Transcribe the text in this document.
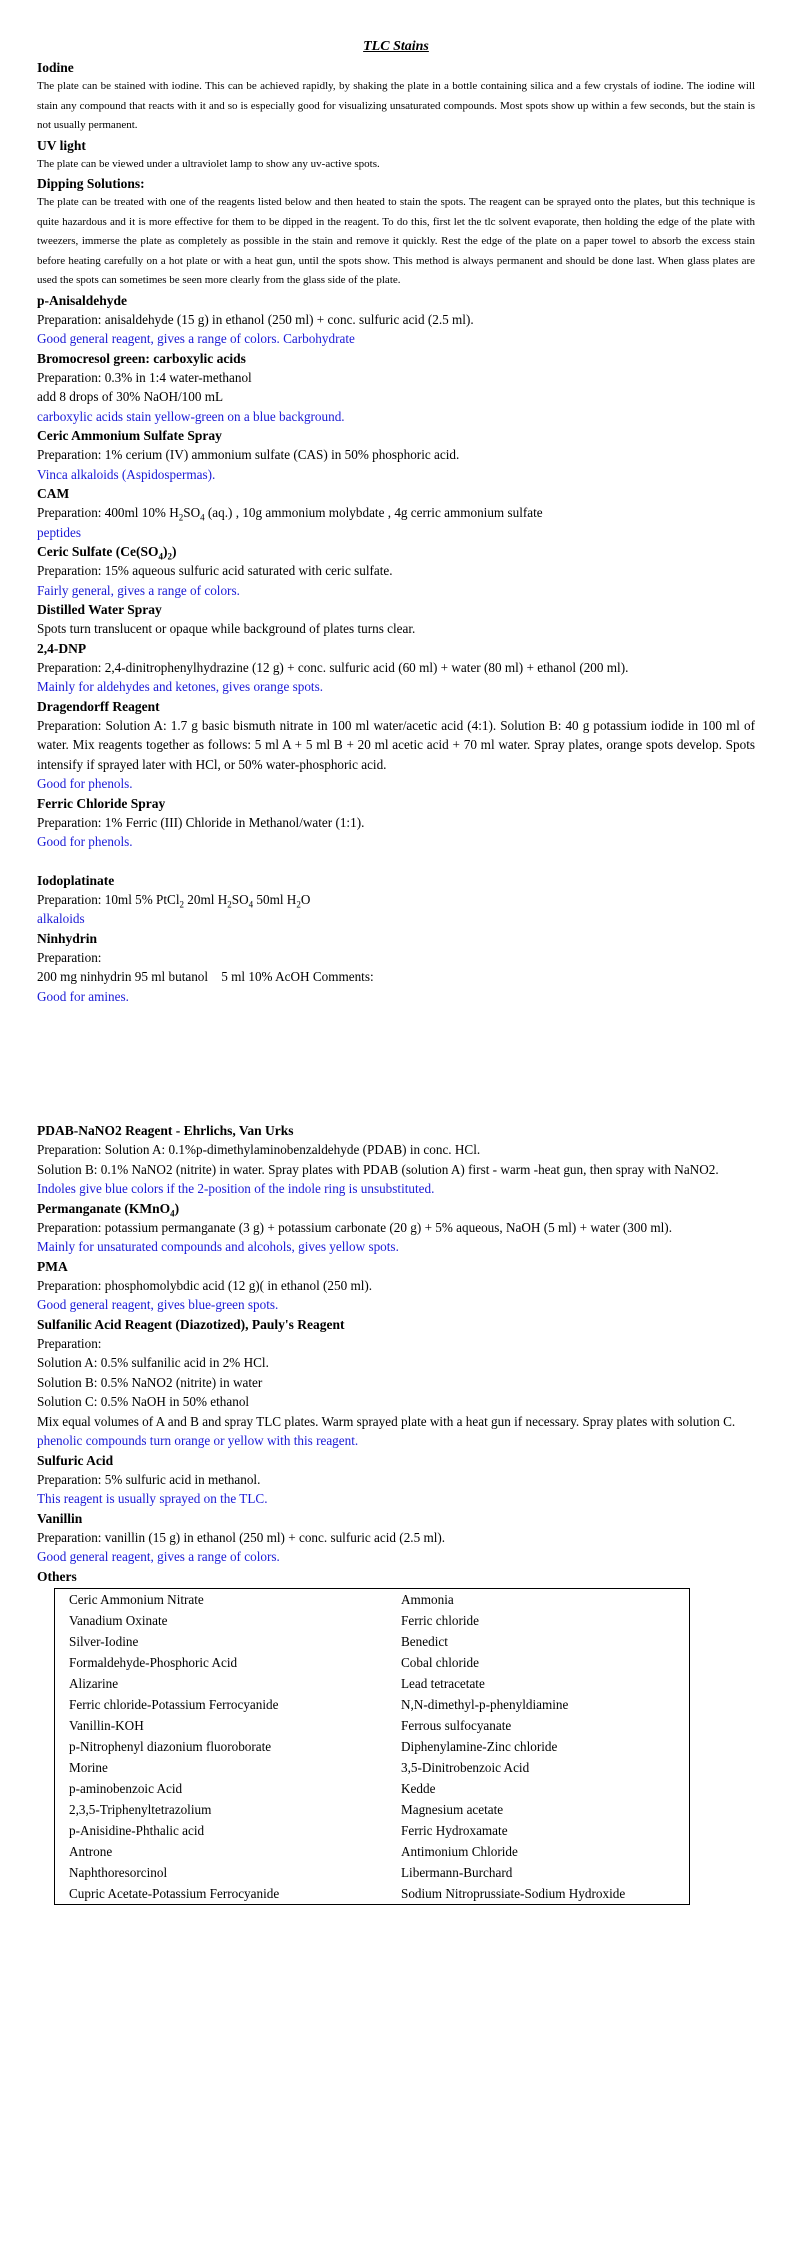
TLC Stains
Iodine
The plate can be stained with iodine. This can be achieved rapidly, by shaking the plate in a bottle containing silica and a few crystals of iodine. The iodine will stain any compound that reacts with it and so is especially good for visualizing unsaturated compounds. Most spots show up within a few seconds, but the stain is not usually permanent.
UV light
The plate can be viewed under a ultraviolet lamp to show any uv-active spots.
Dipping Solutions:
The plate can be treated with one of the reagents listed below and then heated to stain the spots. The reagent can be sprayed onto the plates, but this technique is quite hazardous and it is more effective for them to be dipped in the reagent. To do this, first let the tlc solvent evaporate, then holding the edge of the plate with tweezers, immerse the plate as completely as possible in the stain and remove it quickly. Rest the edge of the plate on a paper towel to absorb the excess stain before heating carefully on a hot plate or with a heat gun, until the spots show. This method is always permanent and should be done last. When glass plates are used the spots can sometimes be seen more clearly from the glass side of the plate.
p-Anisaldehyde
Preparation: anisaldehyde (15 g) in ethanol (250 ml) + conc. sulfuric acid (2.5 ml).
Good general reagent, gives a range of colors. Carbohydrate
Bromocresol green: carboxylic acids
Preparation: 0.3% in 1:4 water-methanol
add 8 drops of 30% NaOH/100 mL
carboxylic acids stain yellow-green on a blue background.
Ceric Ammonium Sulfate Spray
Preparation: 1% cerium (IV) ammonium sulfate (CAS) in 50% phosphoric acid.
Vinca alkaloids (Aspidospermas).
CAM
Preparation: 400ml 10% $H_2SO_4$ (aq.) , 10g ammonium molybdate , 4g cerric ammonium sulfate
peptides
Ceric Sulfate $(Ce(SO_4)_2)$
Preparation: 15% aqueous sulfuric acid saturated with ceric sulfate.
Fairly general, gives a range of colors.
Distilled Water Spray
Spots turn translucent or opaque while background of plates turns clear.
2,4-DNP
Preparation: 2,4-dinitrophenylhydrazine (12 g) + conc. sulfuric acid (60 ml) + water (80 ml) + ethanol (200 ml).
Mainly for aldehydes and ketones, gives orange spots.
Dragendorff Reagent
Preparation: Solution A: 1.7 g basic bismuth nitrate in 100 ml water/acetic acid (4:1). Solution B: 40 g potassium iodide in 100 ml of water. Mix reagents together as follows: 5 ml A + 5 ml B + 20 ml acetic acid + 70 ml water. Spray plates, orange spots develop. Spots intensify if sprayed later with HCl, or 50% water-phosphoric acid.
Good for phenols.
Ferric Chloride Spray
Preparation: 1% Ferric (III) Chloride in Methanol/water (1:1).
Good for phenols.
Iodoplatinate
Preparation: 10ml 5% PtCl$_2$ 20ml $H_2SO_4$ 50ml $H_2O$
alkaloids
Ninhydrin
Preparation:
200 mg ninhydrin 95 ml butanol    5 ml 10% AcOH Comments:
Good for amines.
PDAB-NaNO2 Reagent - Ehrlichs, Van Urks
Preparation: Solution A: 0.1%p-dimethylaminobenzaldehyde (PDAB) in conc. HCl.
Solution B: 0.1% NaNO2 (nitrite) in water. Spray plates with PDAB (solution A) first - warm -heat gun, then spray with NaNO2.
Indoles give blue colors if the 2-position of the indole ring is unsubstituted.
Permanganate (KMnO$_4$)
Preparation: potassium permanganate (3 g) + potassium carbonate (20 g) + 5% aqueous, NaOH (5 ml) + water (300 ml).
Mainly for unsaturated compounds and alcohols, gives yellow spots.
PMA
Preparation: phosphomolybdic acid (12 g)( in ethanol (250 ml).
Good general reagent, gives blue-green spots.
Sulfanilic Acid Reagent (Diazotized), Pauly's Reagent
Preparation:
Solution A: 0.5% sulfanilic acid in 2% HCl.
Solution B: 0.5% NaNO2 (nitrite) in water
Solution C: 0.5% NaOH in 50% ethanol
Mix equal volumes of A and B and spray TLC plates. Warm sprayed plate with a heat gun if necessary. Spray plates with solution C.
phenolic compounds turn orange or yellow with this reagent.
Sulfuric Acid
Preparation: 5% sulfuric acid in methanol.
This reagent is usually sprayed on the TLC.
Vanillin
Preparation: vanillin (15 g) in ethanol (250 ml) + conc. sulfuric acid (2.5 ml).
Good general reagent, gives a range of colors.
Others
Ceric Ammonium Nitrate	Ammonia
Vanadium Oxinate	Ferric chloride
Silver-Iodine	Benedict
Formaldehyde-Phosphoric Acid	Cobal chloride
Alizarine	Lead tetracetate
Ferric chloride-Potassium Ferrocyanide	N,N-dimethyl-p-phenyldiamine
Vanillin-KOH	Ferrous sulfocyanate
p-Nitrophenyl diazonium fluoroborate	Diphenylamine-Zinc chloride
Morine	3,5-Dinitrobenzoic Acid
p-aminobenzoic Acid	Kedde
2,3,5-Triphenyltetrazolium	Magnesium acetate
p-Anisidine-Phthalic acid	Ferric Hydroxamate
Antrone	Antimonium Chloride
Naphthoresorcinol	Libermann-Burchard
Cupric Acetate-Potassium Ferrocyanide	Sodium Nitroprussiate-Sodium Hydroxide
